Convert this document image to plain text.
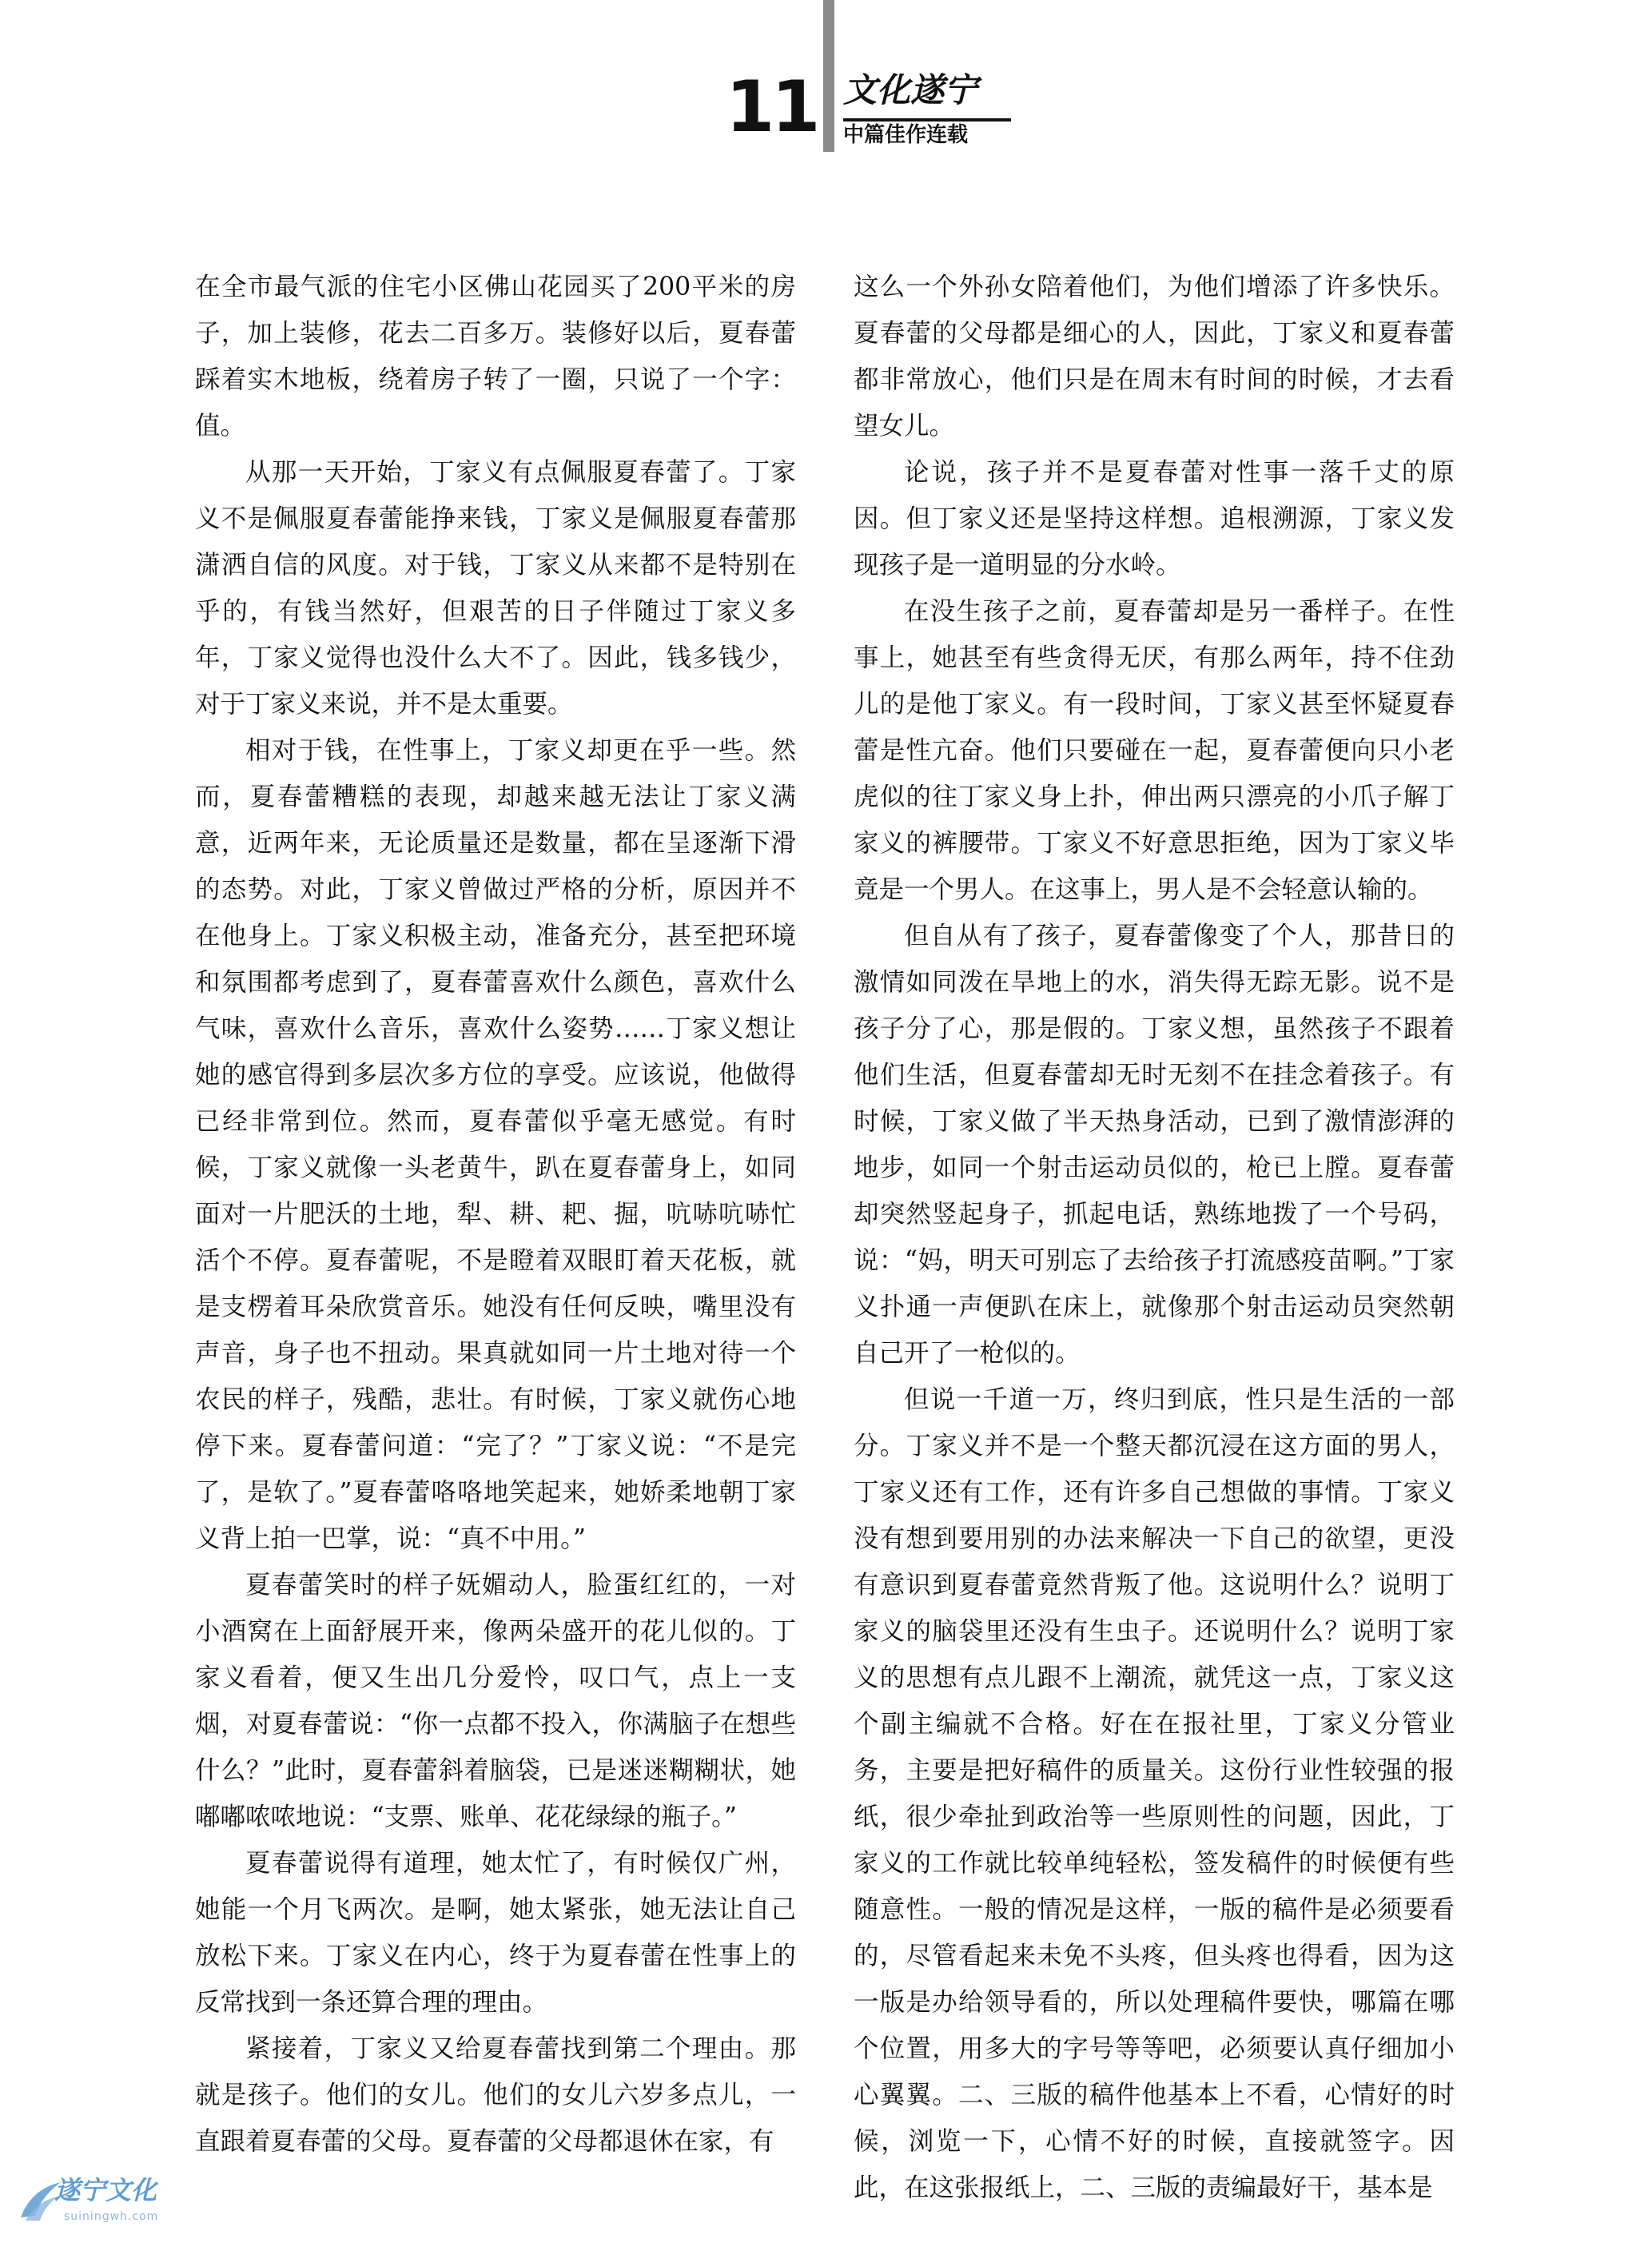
11 文化遂宁
中篇佳作连载

在全市最气派的住宅小区佛山花园买了200平米的房子，加上装修，花去二百多万。装修好以后，夏春蕾踩着实木地板，绕着房子转了一圈，只说了一个字：值。

从那一天开始，丁家义有点佩服夏春蕾了。丁家义不是佩服夏春蕾能挣来钱，丁家义是佩服夏春蕾那潇洒自信的风度。对于钱，丁家义从来都不是特别在乎的，有钱当然好，但艰苦的日子伴随过丁家义多年，丁家义觉得也没什么大不了。因此，钱多钱少，对于丁家义来说，并不是太重要。

相对于钱，在性事上，丁家义却更在乎一些。然而，夏春蕾糟糕的表现，却越来越无法让丁家义满意，近两年来，无论质量还是数量，都在呈逐渐下滑的态势。对此，丁家义曾做过严格的分析，原因并不在他身上。丁家义积极主动，准备充分，甚至把环境和氛围都考虑到了，夏春蕾喜欢什么颜色，喜欢什么气味，喜欢什么音乐，喜欢什么姿势……丁家义想让她的感官得到多层次多方位的享受。应该说，他做得已经非常到位。然而，夏春蕾似乎毫无感觉。有时候，丁家义就像一头老黄牛，趴在夏春蕾身上，如同面对一片肥沃的土地，犁、耕、耙、掘，吭哧吭哧忙活个不停。夏春蕾呢，不是瞪着双眼盯着天花板，就是支楞着耳朵欣赏音乐。她没有任何反映，嘴里没有声音，身子也不扭动。果真就如同一片土地对待一个农民的样子，残酷，悲壮。有时候，丁家义就伤心地停下来。夏春蕾问道：“完了？”丁家义说：“不是完了，是软了。”夏春蕾咯咯地笑起来，她娇柔地朝丁家义背上拍一巴掌，说：“真不中用。”

夏春蕾笑时的样子妩媚动人，脸蛋红红的，一对小酒窝在上面舒展开来，像两朵盛开的花儿似的。丁家义看着，便又生出几分爱怜，叹口气，点上一支烟，对夏春蕾说：“你一点都不投入，你满脑子在想些什么？”此时，夏春蕾斜着脑袋，已是迷迷糊糊状，她嘟嘟哝哝地说：“支票、账单、花花绿绿的瓶子。”

夏春蕾说得有道理，她太忙了，有时候仅广州，她能一个月飞两次。是啊，她太紧张，她无法让自己放松下来。丁家义在内心，终于为夏春蕾在性事上的反常找到一条还算合理的理由。

紧接着，丁家义又给夏春蕾找到第二个理由。那就是孩子。他们的女儿。他们的女儿六岁多点儿，一直跟着夏春蕾的父母。夏春蕾的父母都退休在家，有

这么一个外孙女陪着他们，为他们增添了许多快乐。夏春蕾的父母都是细心的人，因此，丁家义和夏春蕾都非常放心，他们只是在周末有时间的时候，才去看望女儿。

论说，孩子并不是夏春蕾对性事一落千丈的原因。但丁家义还是坚持这样想。追根溯源，丁家义发现孩子是一道明显的分水岭。

在没生孩子之前，夏春蕾却是另一番样子。在性事上，她甚至有些贪得无厌，有那么两年，持不住劲儿的是他丁家义。有一段时间，丁家义甚至怀疑夏春蕾是性亢奋。他们只要碰在一起，夏春蕾便向只小老虎似的往丁家义身上扑，伸出两只漂亮的小爪子解丁家义的裤腰带。丁家义不好意思拒绝，因为丁家义毕竟是一个男人。在这事上，男人是不会轻意认输的。

但自从有了孩子，夏春蕾像变了个人，那昔日的激情如同泼在旱地上的水，消失得无踪无影。说不是孩子分了心，那是假的。丁家义想，虽然孩子不跟着他们生活，但夏春蕾却无时无刻不在挂念着孩子。有时候，丁家义做了半天热身活动，已到了激情澎湃的地步，如同一个射击运动员似的，枪已上膛。夏春蕾却突然竖起身子，抓起电话，熟练地拨了一个号码，说：“妈，明天可别忘了去给孩子打流感疫苗啊。”丁家义扑通一声便趴在床上，就像那个射击运动员突然朝自己开了一枪似的。

但说一千道一万，终归到底，性只是生活的一部分。丁家义并不是一个整天都沉浸在这方面的男人，丁家义还有工作，还有许多自己想做的事情。丁家义没有想到要用别的办法来解决一下自己的欲望，更没有意识到夏春蕾竟然背叛了他。这说明什么？说明丁家义的脑袋里还没有生虫子。还说明什么？说明丁家义的思想有点儿跟不上潮流，就凭这一点，丁家义这个副主编就不合格。好在在报社里，丁家义分管业务，主要是把好稿件的质量关。这份行业性较强的报纸，很少牵扯到政治等一些原则性的问题，因此，丁家义的工作就比较单纯轻松，签发稿件的时候便有些随意性。一般的情况是这样，一版的稿件是必须要看的，尽管看起来未免不头疼，但头疼也得看，因为这一版是办给领导看的，所以处理稿件要快，哪篇在哪个位置，用多大的字号等等吧，必须要认真仔细加小心翼翼。二、三版的稿件他基本上不看，心情好的时候，浏览一下，心情不好的时候，直接就签字。因此，在这张报纸上，二、三版的责编最好干，基本是

遂宁文化
suiningwh.com
